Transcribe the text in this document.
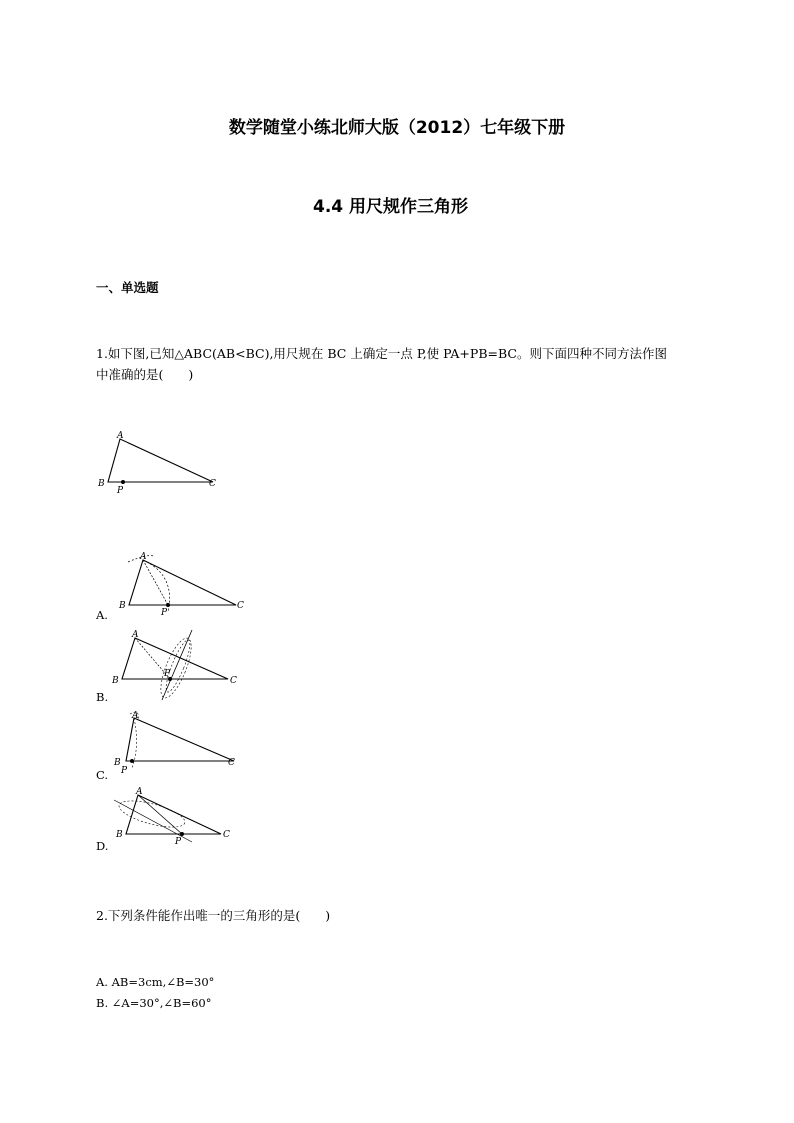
数学随堂小练北师大版（2012）七年级下册
4.4 用尺规作三角形
一、单选题
1.如下图,已知△ABC(AB<BC),用尺规在 BC 上确定一点 P,使 PA+PB=BC。则下面四种不同方法作图
中准确的是(　　)
A
B	C
P
A.
A
B	C
P
B.
A
B	C
P
C.
A
B	C
P
D.
A
B	C
P
2.下列条件能作出唯一的三角形的是(　　)
A. AB=3cm,∠B=30°
B. ∠A=30°,∠B=60°
